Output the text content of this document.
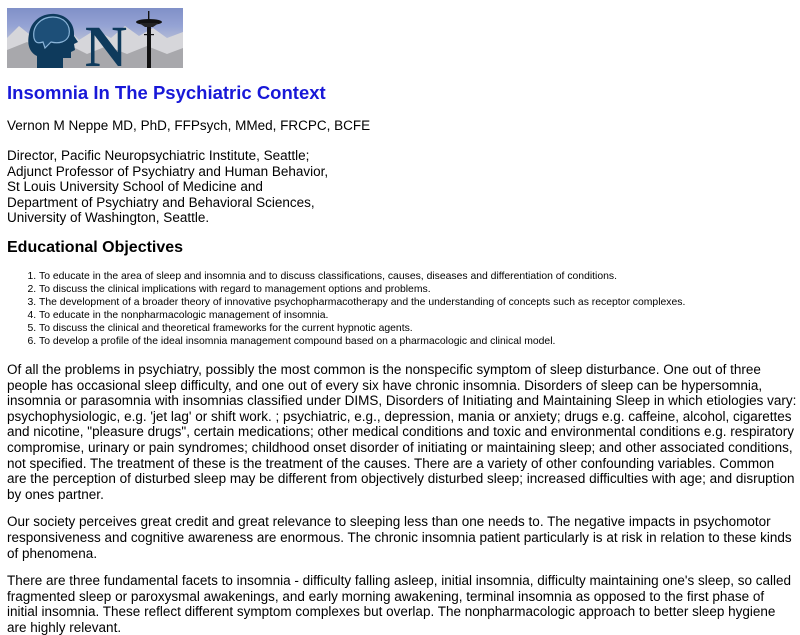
N
Insomnia In The Psychiatric Context

Vernon M Neppe MD, PhD, FFPsych, MMed, FRCPC, BCFE

Director, Pacific Neuropsychiatric Institute, Seattle;
Adjunct Professor of Psychiatry and Human Behavior,
St Louis University School of Medicine and
Department of Psychiatry and Behavioral Sciences,
University of Washington, Seattle.

Educational Objectives
1. To educate in the area of sleep and insomnia and to discuss classifications, causes, diseases and differentiation of conditions.
2. To discuss the clinical implications with regard to management options and problems.
3. The development of a broader theory of innovative psychopharmacotherapy and the understanding of concepts such as receptor complexes.
4. To educate in the nonpharmacologic management of insomnia.
5. To discuss the clinical and theoretical frameworks for the current hypnotic agents.
6. To develop a profile of the ideal insomnia management compound based on a pharmacologic and clinical model.

Of all the problems in psychiatry, possibly the most common is the nonspecific symptom of sleep disturbance. One out of three people has occasional sleep difficulty, and one out of every six have chronic insomnia. Disorders of sleep can be hypersomnia, insomnia or parasomnia with insomnias classified under DIMS, Disorders of Initiating and Maintaining Sleep in which etiologies vary: psychophysiologic, e.g. 'jet lag' or shift work. ; psychiatric, e.g., depression, mania or anxiety; drugs e.g. caffeine, alcohol, cigarettes and nicotine, "pleasure drugs", certain medications; other medical conditions and toxic and environmental conditions e.g. respiratory compromise, urinary or pain syndromes; childhood onset disorder of initiating or maintaining sleep; and other associated conditions, not specified. The treatment of these is the treatment of the causes. There are a variety of other confounding variables. Common are the perception of disturbed sleep may be different from objectively disturbed sleep; increased difficulties with age; and disruption by ones partner.

Our society perceives great credit and great relevance to sleeping less than one needs to. The negative impacts in psychomotor responsiveness and cognitive awareness are enormous. The chronic insomnia patient particularly is at risk in relation to these kinds of phenomena.

There are three fundamental facets to insomnia - difficulty falling asleep, initial insomnia, difficulty maintaining one's sleep, so called fragmented sleep or paroxysmal awakenings, and early morning awakening, terminal insomnia as opposed to the first phase of initial insomnia. These reflect different symptom complexes but overlap. The nonpharmacologic approach to better sleep hygiene are highly relevant.
